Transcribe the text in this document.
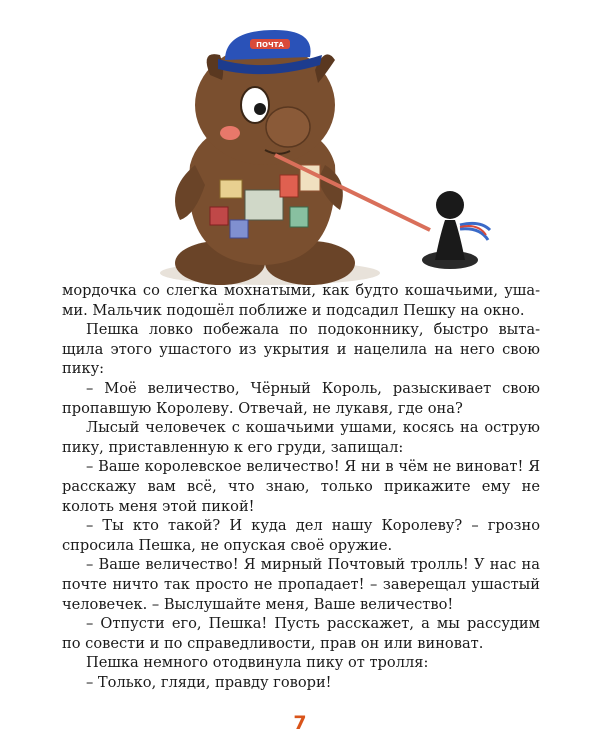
ПОЧТА

мордочка со слегка мохнатыми, как будто кошачьими, ушами. Мальчик подошёл поближе и подсадил Пешку на окно.

Пешка ловко побежала по подоконнику, быстро вытащила этого ушастого из укрытия и нацелила на него свою пику:

– Моё величество, Чёрный Король, разыскивает свою пропавшую Королеву. Отвечай, не лукавя, где она?

Лысый человечек с кошачьими ушами, косясь на острую пику, приставленную к его груди, запищал:

– Ваше королевское величество! Я ни в чём не виноват! Я расскажу вам всё, что знаю, только прикажите ему не колоть меня этой пикой!

– Ты кто такой? И куда дел нашу Королеву? – грозно спросила Пешка, не опуская своё оружие.

– Ваше величество! Я мирный Почтовый тролль! У нас на почте ничто так просто не пропадает! – заверещал ушастый человечек. – Выслушайте меня, Ваше величество!

– Отпусти его, Пешка! Пусть расскажет, а мы рассудим по совести и по справедливости, прав он или виноват.

Пешка немного отодвинула пику от тролля:

– Только, гляди, правду говори!

7
